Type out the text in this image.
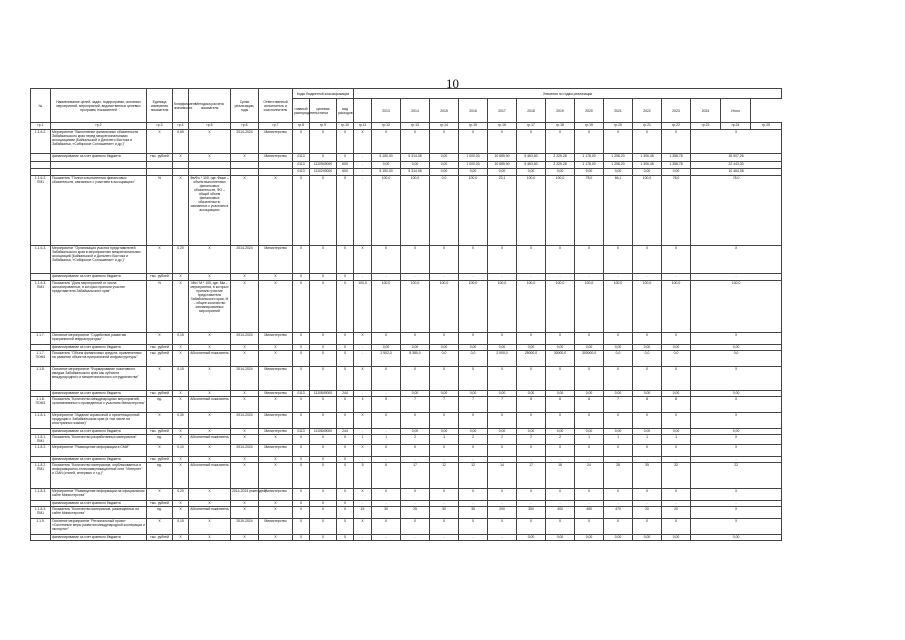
10
№	Наименование целей, задач, подпрограмм, основных мероприятий, мероприятий, ведомственных целевых программ, показателей	Единица измерения показателя	Коэффициент значимости	Методика расчета показателя	Сроки реализации, годы	Ответственный исполнитель и соисполнитель	Коды бюджетной классификации			Значения по годам реализации														
							главный распорядитель	целевая статья	вид расходов		2013	2014	2015	2016	2017	2018	2019	2020	2021	2022	2023	2024	Итого	
гр.1	гр.2	гр.3	гр.4	гр.5	гр.6	гр.7	гр.8	гр.9	гр.10	гр.11	гр.12	гр.13	гр.14	гр.15	гр.16	гр.17	гр.18	гр.19	гр.20	гр.21	гр.22	гр.23	гр.24	гр.25
1.1.6.2.	Мероприятие "Выполнение финансовых обязательств Забайкальского края перед межрегиональными ассоциациями (Байкальской и Дальнего Востока и Забайкалья, «Сибирское Соглашение» и др.)"	X	0,65	X	2014-2024	Министерство	X	X	X	X	X	X	X	X	X	X	X	X	X	X	X	X		
	финансирование за счет краевого бюджета	тыс. рублей	X	X	X	Министерство	0113	X	X	-	5 150,00	5 314,08	0,00	1 000,00	10 655,90	5 463,50	2 225,28	1 178,00	1 256,20	1 306,48	1 358,78	35 907,26		
							0113	1110949000	600	-	0,00	0,00	0,00	1 000,00	10 655,90	5 463,50	2 225,28	1 178,00	1 256,20	1 306,48	1 358,78	22 443,30		
							0113	1110249000	600	-	5 150,00	5 314,08	0,00	0,00	0,00	0,00	0,00	0,00	0,00	0,00	0,00	10 464,08		
1.1.6.2. ПМ1	Показатель "Полнота выполнения финансовых обязательств, связанных с участием в ассоциациях"	%	X	Фв/Фо * 100, где: Фвып – объем выполненных финансовых обязательств, ФО – общий объем финансовых обязательств, связанных с участием в ассоциациях	X	X	X	X	X	-	100,0	100,0	0,0	100,0	23,1	100,0	100,0	78,0	66,1	100,0	78,0	78,0		
1.1.6.3.	Мероприятие "Организация участия представителей Забайкальского края в мероприятиях межрегиональных ассоциаций (Байкальской и Дальнего Востока и Забайкалья, «Сибирское Соглашение» и др.)"	X	0,20	X	2014-2024	Министерство	X	X	X	X	X	X	X	X	X	X	X	X	X	X	X	X		
	финансирование за счет краевого бюджета	тыс. рублей	X	X	X	X	X	X	X	-	-	-	-	-	-	-	-	-	-	-	-	-		
1.1.6.3. ПМ1	Показатель "Доля мероприятий от числа запланированных, в которых приняли участие представители Забайкальского края"	%	X	Мм / М * 100, где: Мм – мероприятия, в которых приняли участие представители Забайкальского края, М – общее количество запланированных мероприятий	X	X	X	X	X	100,0	100,0	100,0	100,0	100,0	100,0	100,0	100,0	100,0	100,0	100,0	100,0	100,0		
1.1.7.	Основное мероприятие "Содействие развитию приграничной инфраструктуры"	X	0,15	X	2014-2024	Министерство	X	X	X	X	X	X	X	X	X	X	X	X	X	X	X	X		
	финансирование за счет краевого бюджета	тыс. рублей	X	X	X	X	X	X	X	-	0,00	0,00	0,00	0,00	0,00	0,00	0,00	0,00	0,00	0,00	0,00	0,00		
1.1.7. ПОМ1	Показатель "Объем финансовых средств, привлеченных на развитие объектов приграничной инфраструктуры"	тыс. рублей	X	Абсолютный показатель	X	X	X	X	X	-	2 902,0	8 380,0	0,0	0,0	2 000,0	25000,0	30000,0	300000,0	0,0	0,0	0,0	0,0		
1.1.8.	Основное мероприятие "Формирование позитивного имиджа Забайкальского края как субъекта международного и межрегионального сотрудничества"	X	0,15	X	2014-2024	Министерство	X	X	X	X	X	X	X	X	X	X	X	X	X	X	X	X		
	финансирование за счет краевого бюджета	тыс. рублей	X	X	X	Министерство	0113	1110849000	244	-	-	0,00	0,00	0,00	0,00	0,00	0,00	0,00	0,00	0,00	0,00	0,00		
1.1.8. ПОМ1	Показатель "Количество международных мероприятий, организованных и проведенных с участием Министерства"	ед.	X	Абсолютный показатель	X	X	X	X	X	4	5	7	7	7	7	8	8	8	7	8	8	X		
1.1.8.1.	Мероприятие "Издание справочной и презентационной продукции о Забайкальском крае (в том числе на иностранных языках)"	X	0,30	X	2014-2024	Министерство	X	X	X	X	X	X	X	X	X	X	X	X	X	X	X	X		
	финансирование за счет краевого бюджета	тыс. рублей	X	X	X	Министерство	0113	1110849000	244	-	-	0,00	0,00	0,00	0,00	0,00	0,00	0,00	0,00	0,00	0,00	0,00		
1.1.8.1. ПМ1	Показатель "Количество разработанных материалов"	ед.	X	Абсолютный показатель	X	X	X	X	X	1	1	2	1	2	2	2	2	1	1	1	1	X		
1.1.8.2.	Мероприятие "Размещение информации в СМИ"	X	0,10	X	2014-2024	Министерство	X	X	X	X	X	X	X	X	X	X	X	X	X	X	X	X		
	финансирование за счет краевого бюджета	тыс. рублей	X	X	X	X	X	X	X	-	-	-	-	-	-	-	-	-	-	-	-	-		
1.1.8.2. ПМ1	Показатель "Количество материалов, опубликованных в информационно-телекоммуникационной сети "Интернет" и СМИ (статей, интервью и т.д.)"	ед.	X	Абсолютный показатель	X	X	X	X	X	5	5	17	12	12	14	17	18	24	28	35	32	22		
1.1.8.3.	Мероприятие "Размещение информации на официальном сайте Министерства"	X	0,20	X	2014-2024 (ежегодно)	Министерство	X	X	X	X	X	X	X	X	X	X	X	X	X	X	X	X		
	финансирование за счет краевого бюджета	тыс. рублей	X	X	X	X	X	X	X	-	-	-	-	-	-	-	-	-	-	-	-	-		
1.1.8.3. ПМ1	Показатель "Количество материалов, размещенных на сайте Министерства"	ед.	X	Абсолютный показатель	X	X	X	X	X	15	30	25	30	35	200	350	400	450	470	20	20	X		
1.1.9.	Основное мероприятие "Региональный проект «Системные меры развития международной кооперации и экспорта»"	X	0,15	X	2019-2024	Министерство	X	X	X	X	X	X	X	X	X	X	X	X	X	X	X	X		
	финансирование за счет краевого бюджета	тыс. рублей	X	X	X	X	X	X	X	-	-	-	-	-	-	0,00	0,00	0,00	0,00	0,00	0,00	0,00		
